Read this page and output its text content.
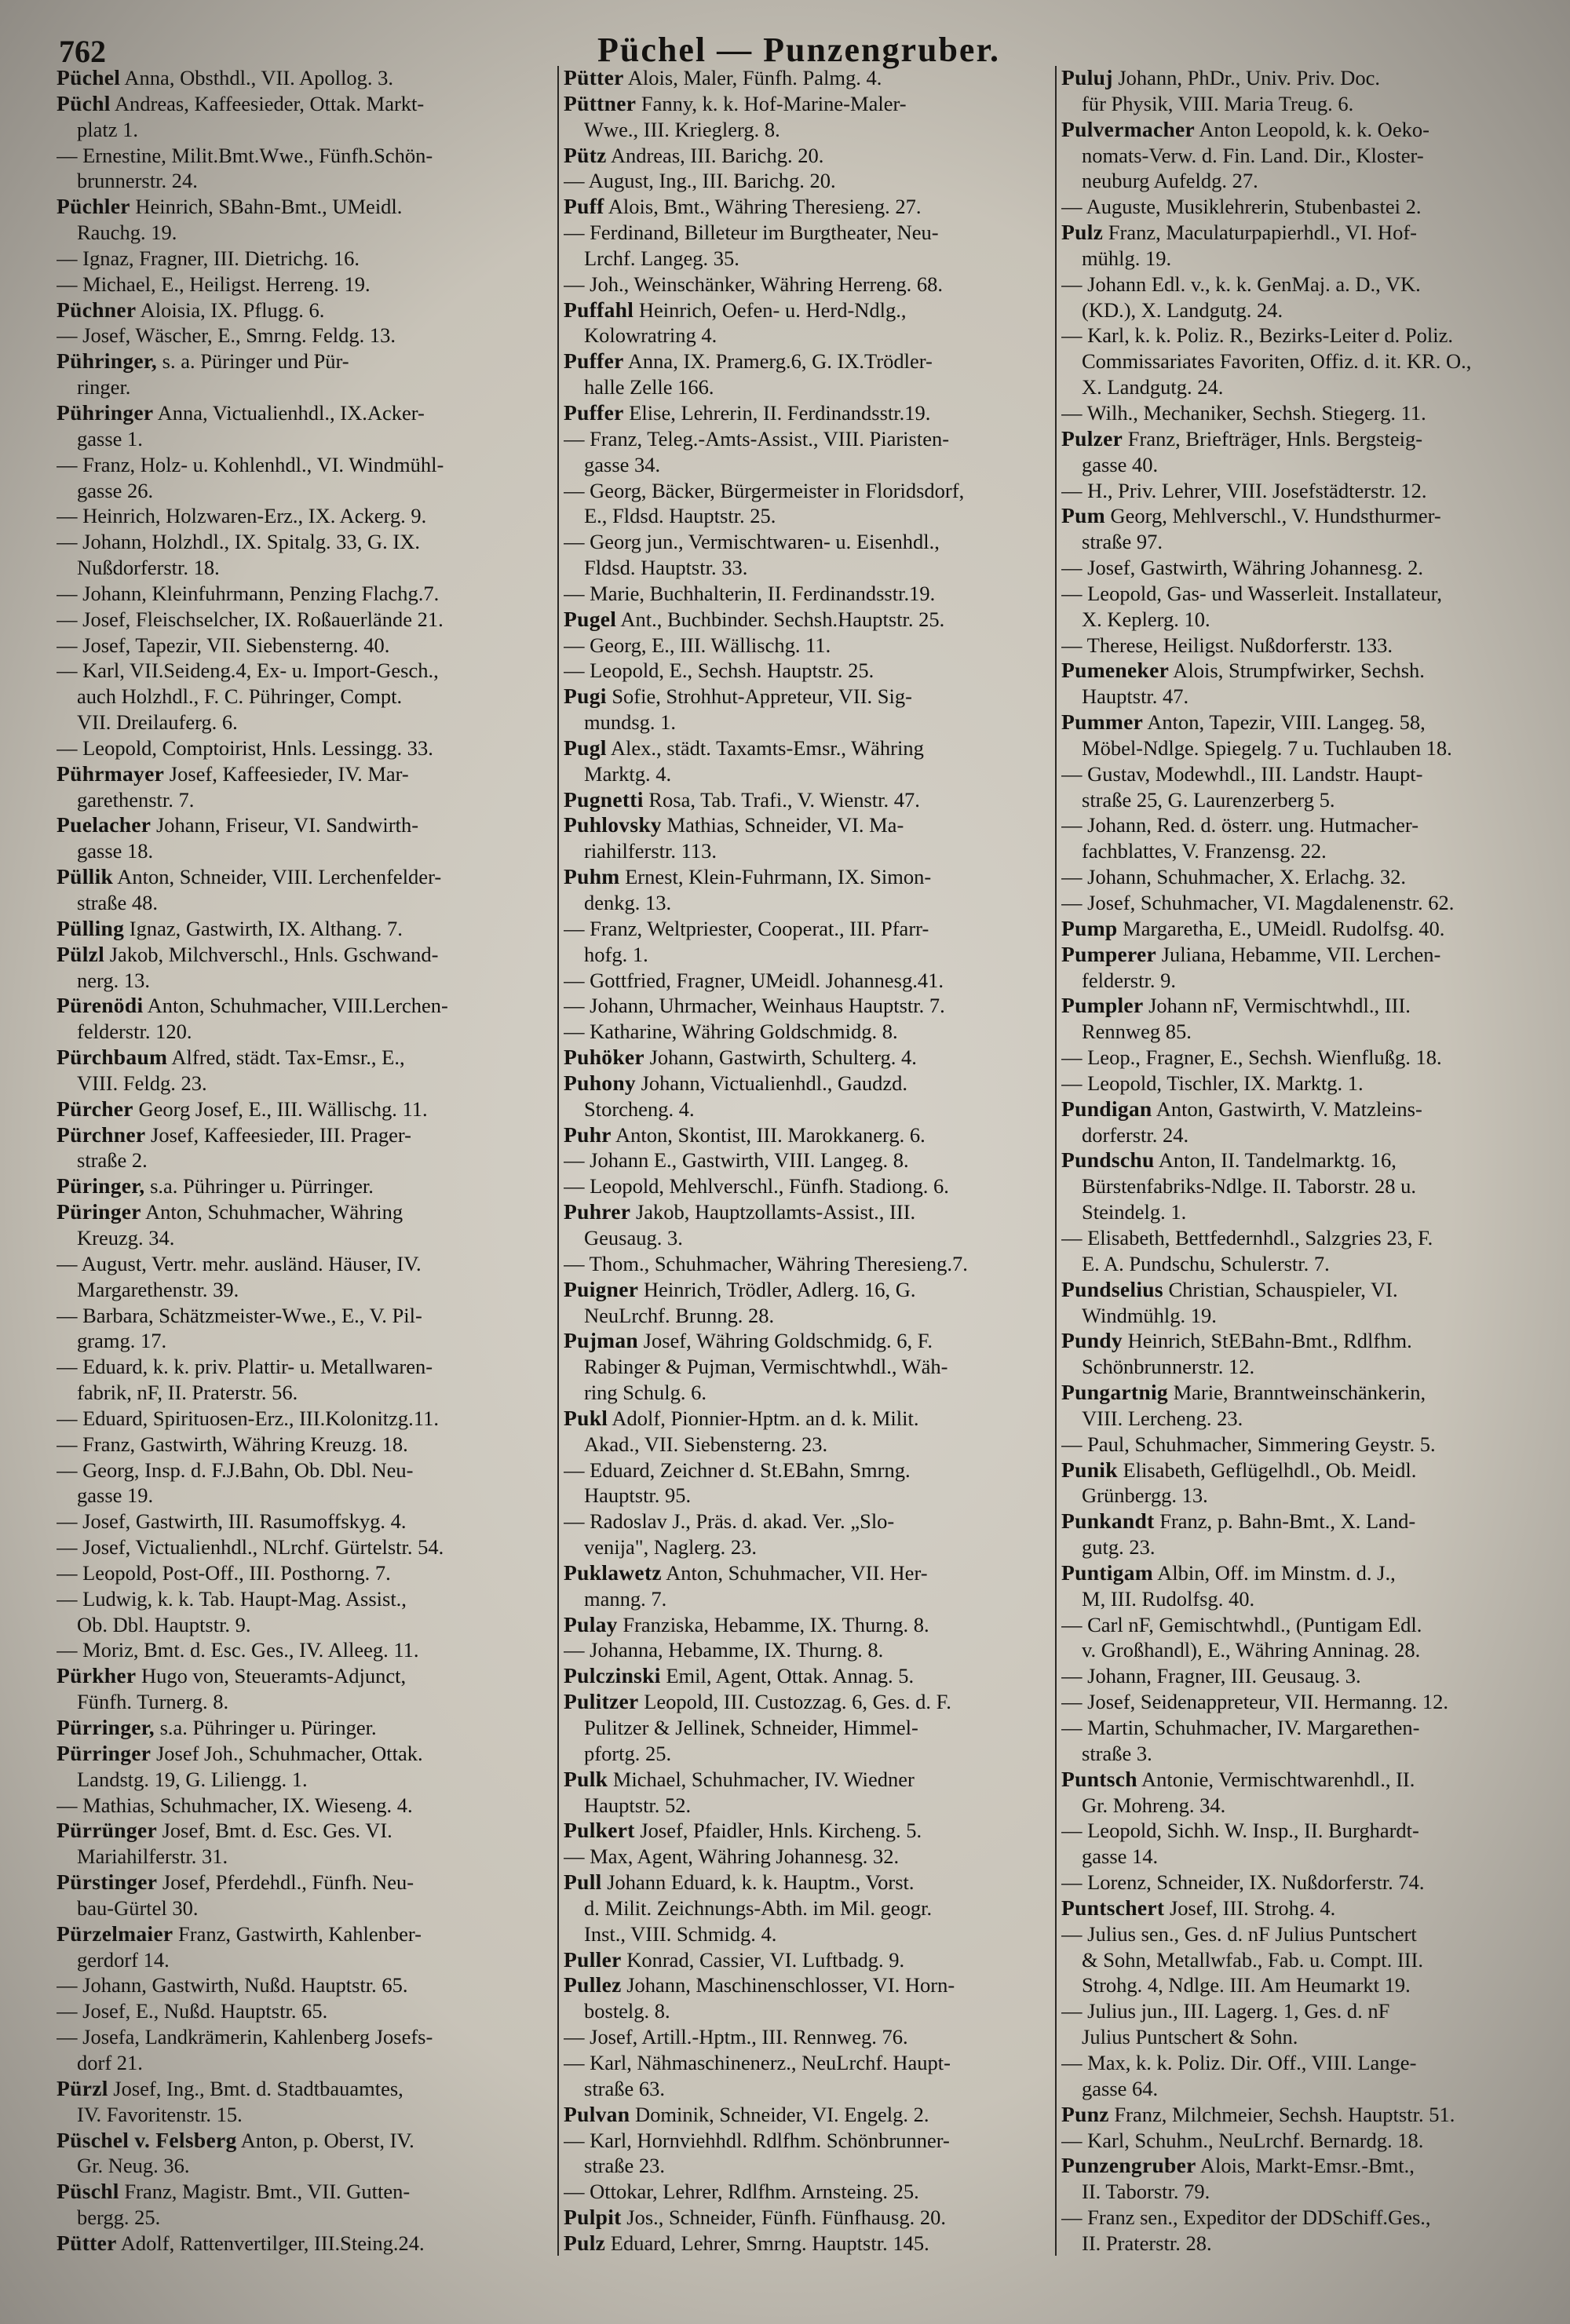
762	Püchel — Punzengruber.
Püchel Anna, Obsthdl., VII. Apollog. 3.
Püchl Andreas, Kaffeesieder, Ottak. Markt-
platz 1.
— Ernestine, Milit.Bmt.Wwe., Fünfh.Schön-
brunnerstr. 24.
Püchler Heinrich, SBahn-Bmt., UMeidl.
Rauchg. 19.
— Ignaz, Fragner, III. Dietrichg. 16.
— Michael, E., Heiligst. Herreng. 19.
Püchner Aloisia, IX. Pflugg. 6.
— Josef, Wäscher, E., Smrng. Feldg. 13.
Pühringer, s. a. Püringer und Pür-
ringer.
Pühringer Anna, Victualienhdl., IX.Acker-
gasse 1.
— Franz, Holz- u. Kohlenhdl., VI. Windmühl-
gasse 26.
— Heinrich, Holzwaren-Erz., IX. Ackerg. 9.
— Johann, Holzhdl., IX. Spitalg. 33, G. IX.
Nußdorferstr. 18.
— Johann, Kleinfuhrmann, Penzing Flachg.7.
— Josef, Fleischselcher, IX. Roßauerlände 21.
— Josef, Tapezir, VII. Siebensterng. 40.
— Karl, VII.Seideng.4, Ex- u. Import-Gesch.,
auch Holzhdl., F. C. Pühringer, Compt.
VII. Dreilauferg. 6.
— Leopold, Comptoirist, Hnls. Lessingg. 33.
Pührmayer Josef, Kaffeesieder, IV. Mar-
garethenstr. 7.
Puelacher Johann, Friseur, VI. Sandwirth-
gasse 18.
Püllik Anton, Schneider, VIII. Lerchenfelder-
straße 48.
Pülling Ignaz, Gastwirth, IX. Althang. 7.
Pülzl Jakob, Milchverschl., Hnls. Gschwand-
nerg. 13.
Pürenödi Anton, Schuhmacher, VIII.Lerchen-
felderstr. 120.
Pürchbaum Alfred, städt. Tax-Emsr., E.,
VIII. Feldg. 23.
Pürcher Georg Josef, E., III. Wällischg. 11.
Pürchner Josef, Kaffeesieder, III. Prager-
straße 2.
Püringer, s.a. Pühringer u. Pürringer.
Püringer Anton, Schuhmacher, Währing
Kreuzg. 34.
— August, Vertr. mehr. ausländ. Häuser, IV.
Margarethenstr. 39.
— Barbara, Schätzmeister-Wwe., E., V. Pil-
gramg. 17.
— Eduard, k. k. priv. Plattir- u. Metallwaren-
fabrik, nF, II. Praterstr. 56.
— Eduard, Spirituosen-Erz., III.Kolonitzg.11.
— Franz, Gastwirth, Währing Kreuzg. 18.
— Georg, Insp. d. F.J.Bahn, Ob. Dbl. Neu-
gasse 19.
— Josef, Gastwirth, III. Rasumoffskyg. 4.
— Josef, Victualienhdl., NLrchf. Gürtelstr. 54.
— Leopold, Post-Off., III. Posthorng. 7.
— Ludwig, k. k. Tab. Haupt-Mag. Assist.,
Ob. Dbl. Hauptstr. 9.
— Moriz, Bmt. d. Esc. Ges., IV. Alleeg. 11.
Pürkher Hugo von, Steueramts-Adjunct,
Fünfh. Turnerg. 8.
Pürringer, s.a. Pühringer u. Püringer.
Pürringer Josef Joh., Schuhmacher, Ottak.
Landstg. 19, G. Liliengg. 1.
— Mathias, Schuhmacher, IX. Wieseng. 4.
Pürrünger Josef, Bmt. d. Esc. Ges. VI.
Mariahilferstr. 31.
Pürstinger Josef, Pferdehdl., Fünfh. Neu-
bau-Gürtel 30.
Pürzelmaier Franz, Gastwirth, Kahlenber-
gerdorf 14.
— Johann, Gastwirth, Nußd. Hauptstr. 65.
— Josef, E., Nußd. Hauptstr. 65.
— Josefa, Landkrämerin, Kahlenberg Josefs-
dorf 21.
Pürzl Josef, Ing., Bmt. d. Stadtbauamtes,
IV. Favoritenstr. 15.
Püschel v. Felsberg Anton, p. Oberst, IV.
Gr. Neug. 36.
Püschl Franz, Magistr. Bmt., VII. Gutten-
bergg. 25.
Pütter Adolf, Rattenvertilger, III.Steing.24.
Pütter Alois, Maler, Fünfh. Palmg. 4.
Püttner Fanny, k. k. Hof-Marine-Maler-
Wwe., III. Krieglerg. 8.
Pütz Andreas, III. Barichg. 20.
— August, Ing., III. Barichg. 20.
Puff Alois, Bmt., Währing Theresieng. 27.
— Ferdinand, Billeteur im Burgtheater, Neu-
Lrchf. Langeg. 35.
— Joh., Weinschänker, Währing Herreng. 68.
Puffahl Heinrich, Oefen- u. Herd-Ndlg.,
Kolowratring 4.
Puffer Anna, IX. Pramerg.6, G. IX.Trödler-
halle Zelle 166.
Puffer Elise, Lehrerin, II. Ferdinandsstr.19.
— Franz, Teleg.-Amts-Assist., VIII. Piaristen-
gasse 34.
— Georg, Bäcker, Bürgermeister in Floridsdorf,
E., Fldsd. Hauptstr. 25.
— Georg jun., Vermischtwaren- u. Eisenhdl.,
Fldsd. Hauptstr. 33.
— Marie, Buchhalterin, II. Ferdinandsstr.19.
Pugel Ant., Buchbinder. Sechsh.Hauptstr. 25.
— Georg, E., III. Wällischg. 11.
— Leopold, E., Sechsh. Hauptstr. 25.
Pugi Sofie, Strohhut-Appreteur, VII. Sig-
mundsg. 1.
Pugl Alex., städt. Taxamts-Emsr., Währing
Marktg. 4.
Pugnetti Rosa, Tab. Trafi., V. Wienstr. 47.
Puhlovsky Mathias, Schneider, VI. Ma-
riahilferstr. 113.
Puhm Ernest, Klein-Fuhrmann, IX. Simon-
denkg. 13.
— Franz, Weltpriester, Cooperat., III. Pfarr-
hofg. 1.
— Gottfried, Fragner, UMeidl. Johannesg.41.
— Johann, Uhrmacher, Weinhaus Hauptstr. 7.
— Katharine, Währing Goldschmidg. 8.
Puhöker Johann, Gastwirth, Schulterg. 4.
Puhony Johann, Victualienhdl., Gaudzd.
Storcheng. 4.
Puhr Anton, Skontist, III. Marokkanerg. 6.
— Johann E., Gastwirth, VIII. Langeg. 8.
— Leopold, Mehlverschl., Fünfh. Stadiong. 6.
Puhrer Jakob, Hauptzollamts-Assist., III.
Geusaug. 3.
— Thom., Schuhmacher, Währing Theresieng.7.
Puigner Heinrich, Trödler, Adlerg. 16, G.
NeuLrchf. Brunng. 28.
Pujman Josef, Währing Goldschmidg. 6, F.
Rabinger & Pujman, Vermischtwhdl., Wäh-
ring Schulg. 6.
Pukl Adolf, Pionnier-Hptm. an d. k. Milit.
Akad., VII. Siebensterng. 23.
— Eduard, Zeichner d. St.EBahn, Smrng.
Hauptstr. 95.
— Radoslav J., Präs. d. akad. Ver. „Slo-
venija", Naglerg. 23.
Puklawetz Anton, Schuhmacher, VII. Her-
manng. 7.
Pulay Franziska, Hebamme, IX. Thurng. 8.
— Johanna, Hebamme, IX. Thurng. 8.
Pulczinski Emil, Agent, Ottak. Annag. 5.
Pulitzer Leopold, III. Custozzag. 6, Ges. d. F.
Pulitzer & Jellinek, Schneider, Himmel-
pfortg. 25.
Pulk Michael, Schuhmacher, IV. Wiedner
Hauptstr. 52.
Pulkert Josef, Pfaidler, Hnls. Kircheng. 5.
— Max, Agent, Währing Johannesg. 32.
Pull Johann Eduard, k. k. Hauptm., Vorst.
d. Milit. Zeichnungs-Abth. im Mil. geogr.
Inst., VIII. Schmidg. 4.
Puller Konrad, Cassier, VI. Luftbadg. 9.
Pullez Johann, Maschinenschlosser, VI. Horn-
bostelg. 8.
— Josef, Artill.-Hptm., III. Rennweg. 76.
— Karl, Nähmaschinenerz., NeuLrchf. Haupt-
straße 63.
Pulvan Dominik, Schneider, VI. Engelg. 2.
— Karl, Hornviehhdl. Rdlfhm. Schönbrunner-
straße 23.
— Ottokar, Lehrer, Rdlfhm. Arnsteing. 25.
Pulpit Jos., Schneider, Fünfh. Fünfhausg. 20.
Pulz Eduard, Lehrer, Smrng. Hauptstr. 145.
Puluj Johann, PhDr., Univ. Priv. Doc.
für Physik, VIII. Maria Treug. 6.
Pulvermacher Anton Leopold, k. k. Oeko-
nomats-Verw. d. Fin. Land. Dir., Kloster-
neuburg Aufeldg. 27.
— Auguste, Musiklehrerin, Stubenbastei 2.
Pulz Franz, Maculaturpapierhdl., VI. Hof-
mühlg. 19.
— Johann Edl. v., k. k. GenMaj. a. D., VK.
(KD.), X. Landgutg. 24.
— Karl, k. k. Poliz. R., Bezirks-Leiter d. Poliz.
Commissariates Favoriten, Offiz. d. it. KR. O.,
X. Landgutg. 24.
— Wilh., Mechaniker, Sechsh. Stiegerg. 11.
Pulzer Franz, Briefträger, Hnls. Bergsteig-
gasse 40.
— H., Priv. Lehrer, VIII. Josefstädterstr. 12.
Pum Georg, Mehlverschl., V. Hundsthurmer-
straße 97.
— Josef, Gastwirth, Währing Johannesg. 2.
— Leopold, Gas- und Wasserleit. Installateur,
X. Keplerg. 10.
— Therese, Heiligst. Nußdorferstr. 133.
Pumeneker Alois, Strumpfwirker, Sechsh.
Hauptstr. 47.
Pummer Anton, Tapezir, VIII. Langeg. 58,
Möbel-Ndlge. Spiegelg. 7 u. Tuchlauben 18.
— Gustav, Modewhdl., III. Landstr. Haupt-
straße 25, G. Laurenzerberg 5.
— Johann, Red. d. österr. ung. Hutmacher-
fachblattes, V. Franzensg. 22.
— Johann, Schuhmacher, X. Erlachg. 32.
— Josef, Schuhmacher, VI. Magdalenenstr. 62.
Pump Margaretha, E., UMeidl. Rudolfsg. 40.
Pumperer Juliana, Hebamme, VII. Lerchen-
felderstr. 9.
Pumpler Johann nF, Vermischtwhdl., III.
Rennweg 85.
— Leop., Fragner, E., Sechsh. Wienflußg. 18.
— Leopold, Tischler, IX. Marktg. 1.
Pundigan Anton, Gastwirth, V. Matzleins-
dorferstr. 24.
Pundschu Anton, II. Tandelmarktg. 16,
Bürstenfabriks-Ndlge. II. Taborstr. 28 u.
Steindelg. 1.
— Elisabeth, Bettfedernhdl., Salzgries 23, F.
E. A. Pundschu, Schulerstr. 7.
Pundselius Christian, Schauspieler, VI.
Windmühlg. 19.
Pundy Heinrich, StEBahn-Bmt., Rdlfhm.
Schönbrunnerstr. 12.
Pungartnig Marie, Branntweinschänkerin,
VIII. Lercheng. 23.
— Paul, Schuhmacher, Simmering Geystr. 5.
Punik Elisabeth, Geflügelhdl., Ob. Meidl.
Grünbergg. 13.
Punkandt Franz, p. Bahn-Bmt., X. Land-
gutg. 23.
Puntigam Albin, Off. im Minstm. d. J.,
M, III. Rudolfsg. 40.
— Carl nF, Gemischtwhdl., (Puntigam Edl.
v. Großhandl), E., Währing Anninag. 28.
— Johann, Fragner, III. Geusaug. 3.
— Josef, Seidenappreteur, VII. Hermanng. 12.
— Martin, Schuhmacher, IV. Margarethen-
straße 3.
Puntsch Antonie, Vermischtwarenhdl., II.
Gr. Mohreng. 34.
— Leopold, Sichh. W. Insp., II. Burghardt-
gasse 14.
— Lorenz, Schneider, IX. Nußdorferstr. 74.
Puntschert Josef, III. Strohg. 4.
— Julius sen., Ges. d. nF Julius Puntschert
& Sohn, Metallwfab., Fab. u. Compt. III.
Strohg. 4, Ndlge. III. Am Heumarkt 19.
— Julius jun., III. Lagerg. 1, Ges. d. nF
Julius Puntschert & Sohn.
— Max, k. k. Poliz. Dir. Off., VIII. Lange-
gasse 64.
Punz Franz, Milchmeier, Sechsh. Hauptstr. 51.
— Karl, Schuhm., NeuLrchf. Bernardg. 18.
Punzengruber Alois, Markt-Emsr.-Bmt.,
II. Taborstr. 79.
— Franz sen., Expeditor der DDSchiff.Ges.,
II. Praterstr. 28.
